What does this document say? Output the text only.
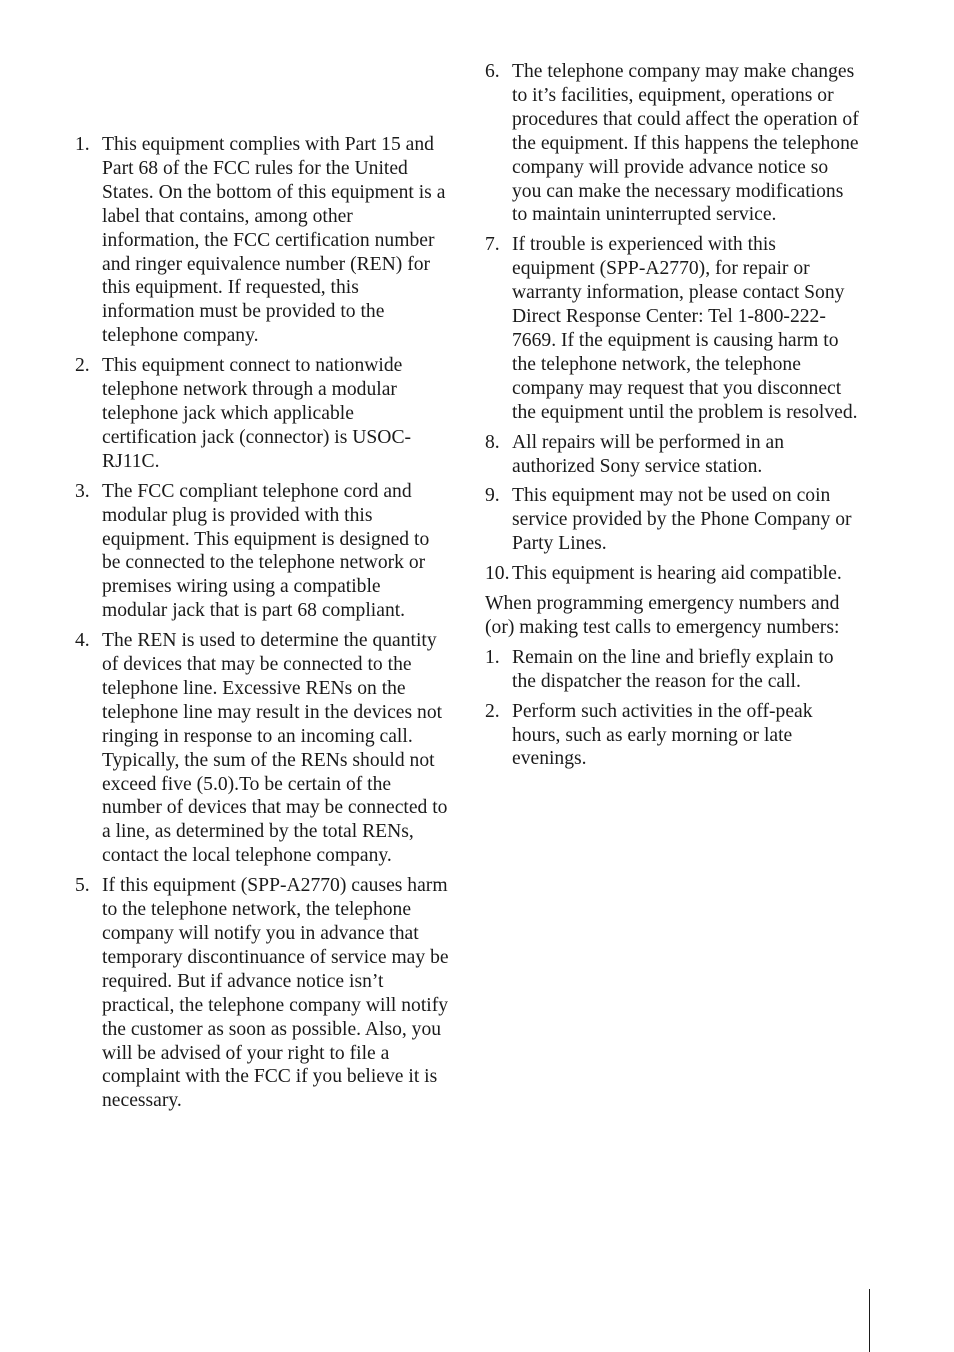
1. This equipment complies with Part 15 and Part 68 of the FCC rules for the United States. On the bottom of this equipment is a label that contains, among other information, the FCC certification number and ringer equivalence number (REN) for this equipment. If requested, this information must be provided to the telephone company.
2. This equipment connect to nationwide telephone network through a modular telephone jack which applicable certification jack (connector) is USOC-RJ11C.
3. The FCC compliant telephone cord and modular plug is provided with this equipment. This equipment is designed to be connected to the telephone network or premises wiring using a compatible modular jack that is part 68 compliant.
4. The REN is used to determine the quantity of devices that may be connected to the telephone line. Excessive RENs on the telephone line may result in the devices not ringing in response to an incoming call. Typically, the sum of the RENs should not exceed five (5.0).To be certain of the number of devices that may be connected to a line, as determined by the total RENs, contact the local telephone company.
5. If this equipment (SPP-A2770) causes harm to the telephone network, the telephone company will notify you in advance that temporary discontinuance of service may be required. But if advance notice isn’t practical, the telephone company will notify the customer as soon as possible. Also, you will be advised of your right to file a complaint with the FCC if you believe it is necessary.
6. The telephone company may make changes to it’s facilities, equipment, operations or procedures that could affect the operation of the equipment. If this happens the telephone company will provide advance notice so you can make the necessary modifications to maintain uninterrupted service.
7. If trouble is experienced with this equipment (SPP-A2770), for repair or warranty information, please contact Sony Direct Response Center: Tel 1-800-222-7669. If the equipment is causing harm to the telephone network, the telephone company may request that you disconnect the equipment until the problem is resolved.
8. All repairs will be performed in an authorized Sony service station.
9. This equipment may not be used on coin service provided by the Phone Company or Party Lines.
10. This equipment is hearing aid compatible.

When programming emergency numbers and (or) making test calls to emergency numbers:

1. Remain on the line and briefly explain to the dispatcher the reason for the call.
2. Perform such activities in the off-peak hours, such as early morning or late evenings.
